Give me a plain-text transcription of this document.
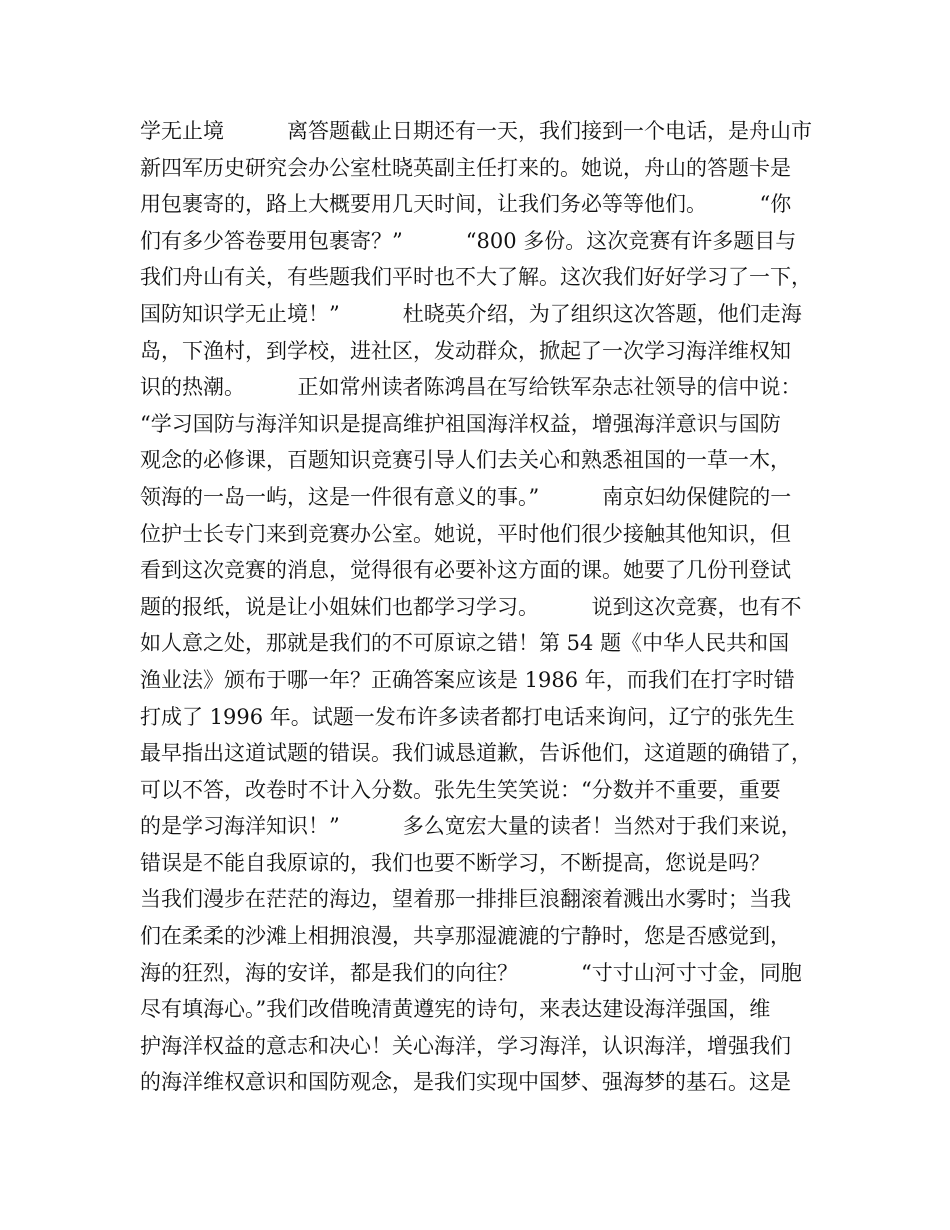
学无止境　　　离答题截止日期还有一天，我们接到一个电话，是舟山市
新四军历史研究会办公室杜晓英副主任打来的。她说，舟山的答题卡是
用包裹寄的，路上大概要用几天时间，让我们务必等等他们。　　　“你
们有多少答卷要用包裹寄？”　　　“800 多份。这次竞赛有许多题目与
我们舟山有关，有些题我们平时也不大了解。这次我们好好学习了一下，
国防知识学无止境！”　　　杜晓英介绍，为了组织这次答题，他们走海
岛，下渔村，到学校，进社区，发动群众，掀起了一次学习海洋维权知
识的热潮。　　　正如常州读者陈鸿昌在写给铁军杂志社领导的信中说：
“学习国防与海洋知识是提高维护祖国海洋权益，增强海洋意识与国防
观念的必修课，百题知识竞赛引导人们去关心和熟悉祖国的一草一木，
领海的一岛一屿，这是一件很有意义的事。”　　　南京妇幼保健院的一
位护士长专门来到竞赛办公室。她说，平时他们很少接触其他知识，但
看到这次竞赛的消息，觉得很有必要补这方面的课。她要了几份刊登试
题的报纸，说是让小姐妹们也都学习学习。　　　说到这次竞赛，也有不
如人意之处，那就是我们的不可原谅之错！第 54 题《中华人民共和国
渔业法》颁布于哪一年？正确答案应该是 1986 年，而我们在打字时错
打成了 1996 年。试题一发布许多读者都打电话来询问，辽宁的张先生
最早指出这道试题的错误。我们诚恳道歉，告诉他们，这道题的确错了，
可以不答，改卷时不计入分数。张先生笑笑说：“分数并不重要，重要
的是学习海洋知识！”　　　多么宽宏大量的读者！当然对于我们来说，
错误是不能自我原谅的，我们也要不断学习，不断提高，您说是吗？
当我们漫步在茫茫的海边，望着那一排排巨浪翻滚着溅出水雾时；当我
们在柔柔的沙滩上相拥浪漫，共享那湿漉漉的宁静时，您是否感觉到，
海的狂烈，海的安详，都是我们的向往？　　　“寸寸山河寸寸金，同胞
尽有填海心。”我们改借晚清黄遵宪的诗句，来表达建设海洋强国，维
护海洋权益的意志和决心！关心海洋，学习海洋，认识海洋，增强我们
的海洋维权意识和国防观念，是我们实现中国梦、强海梦的基石。这是
